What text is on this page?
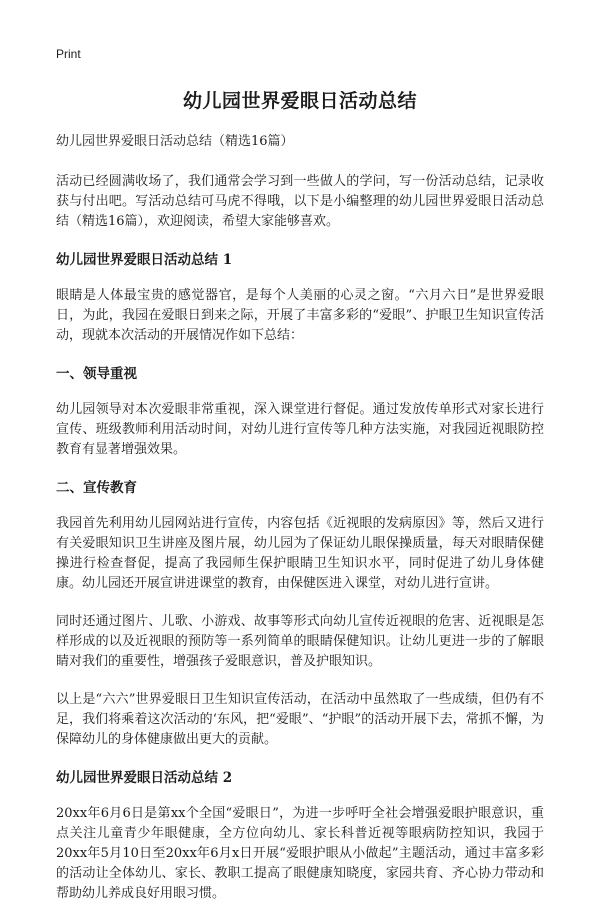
Print
幼儿园世界爱眼日活动总结
幼儿园世界爱眼日活动总结（精选16篇）
活动已经圆满收场了，我们通常会学习到一些做人的学问，写一份活动总结，记录收获与付出吧。写活动总结可马虎不得哦，以下是小编整理的幼儿园世界爱眼日活动总结（精选16篇），欢迎阅读，希望大家能够喜欢。
幼儿园世界爱眼日活动总结 1
眼睛是人体最宝贵的感觉器官，是每个人美丽的心灵之窗。“六月六日”是世界爱眼日，为此，我园在爱眼日到来之际，开展了丰富多彩的“爱眼”、护眼卫生知识宣传活动，现就本次活动的开展情况作如下总结：
一、领导重视
幼儿园领导对本次爱眼非常重视，深入课堂进行督促。通过发放传单形式对家长进行宣传、班级教师利用活动时间，对幼儿进行宣传等几种方法实施，对我园近视眼防控教育有显著增强效果。
二、宣传教育
我园首先利用幼儿园网站进行宣传，内容包括《近视眼的发病原因》等，然后又进行有关爱眼知识卫生讲座及图片展，幼儿园为了保证幼儿眼保操质量，每天对眼睛保健操进行检查督促，提高了我园师生保护眼睛卫生知识水平，同时促进了幼儿身体健康。幼儿园还开展宣讲进课堂的教育，由保健医进入课堂，对幼儿进行宣讲。
同时还通过图片、儿歌、小游戏、故事等形式向幼儿宣传近视眼的危害、近视眼是怎样形成的以及近视眼的预防等一系列简单的眼睛保健知识。让幼儿更进一步的了解眼睛对我们的重要性，增强孩子爱眼意识，普及护眼知识。
以上是“六六”世界爱眼日卫生知识宣传活动，在活动中虽然取了一些成绩，但仍有不足，我们将乘着这次活动的‘东风，把“爱眼”、“护眼”的活动开展下去，常抓不懈，为保障幼儿的身体健康做出更大的贡献。
幼儿园世界爱眼日活动总结 2
20xx年6月6日是第xx个全国“爱眼日”，为进一步呼吁全社会增强爱眼护眼意识，重点关注儿童青少年眼健康，全方位向幼儿、家长科普近视等眼病防控知识，我园于20xx年5月10日至20xx年6月x日开展“爱眼护眼从小做起”主题活动，通过丰富多彩的活动让全体幼儿、家长、教职工提高了眼健康知晓度，家园共育、齐心协力带动和帮助幼儿养成良好用眼习惯。
